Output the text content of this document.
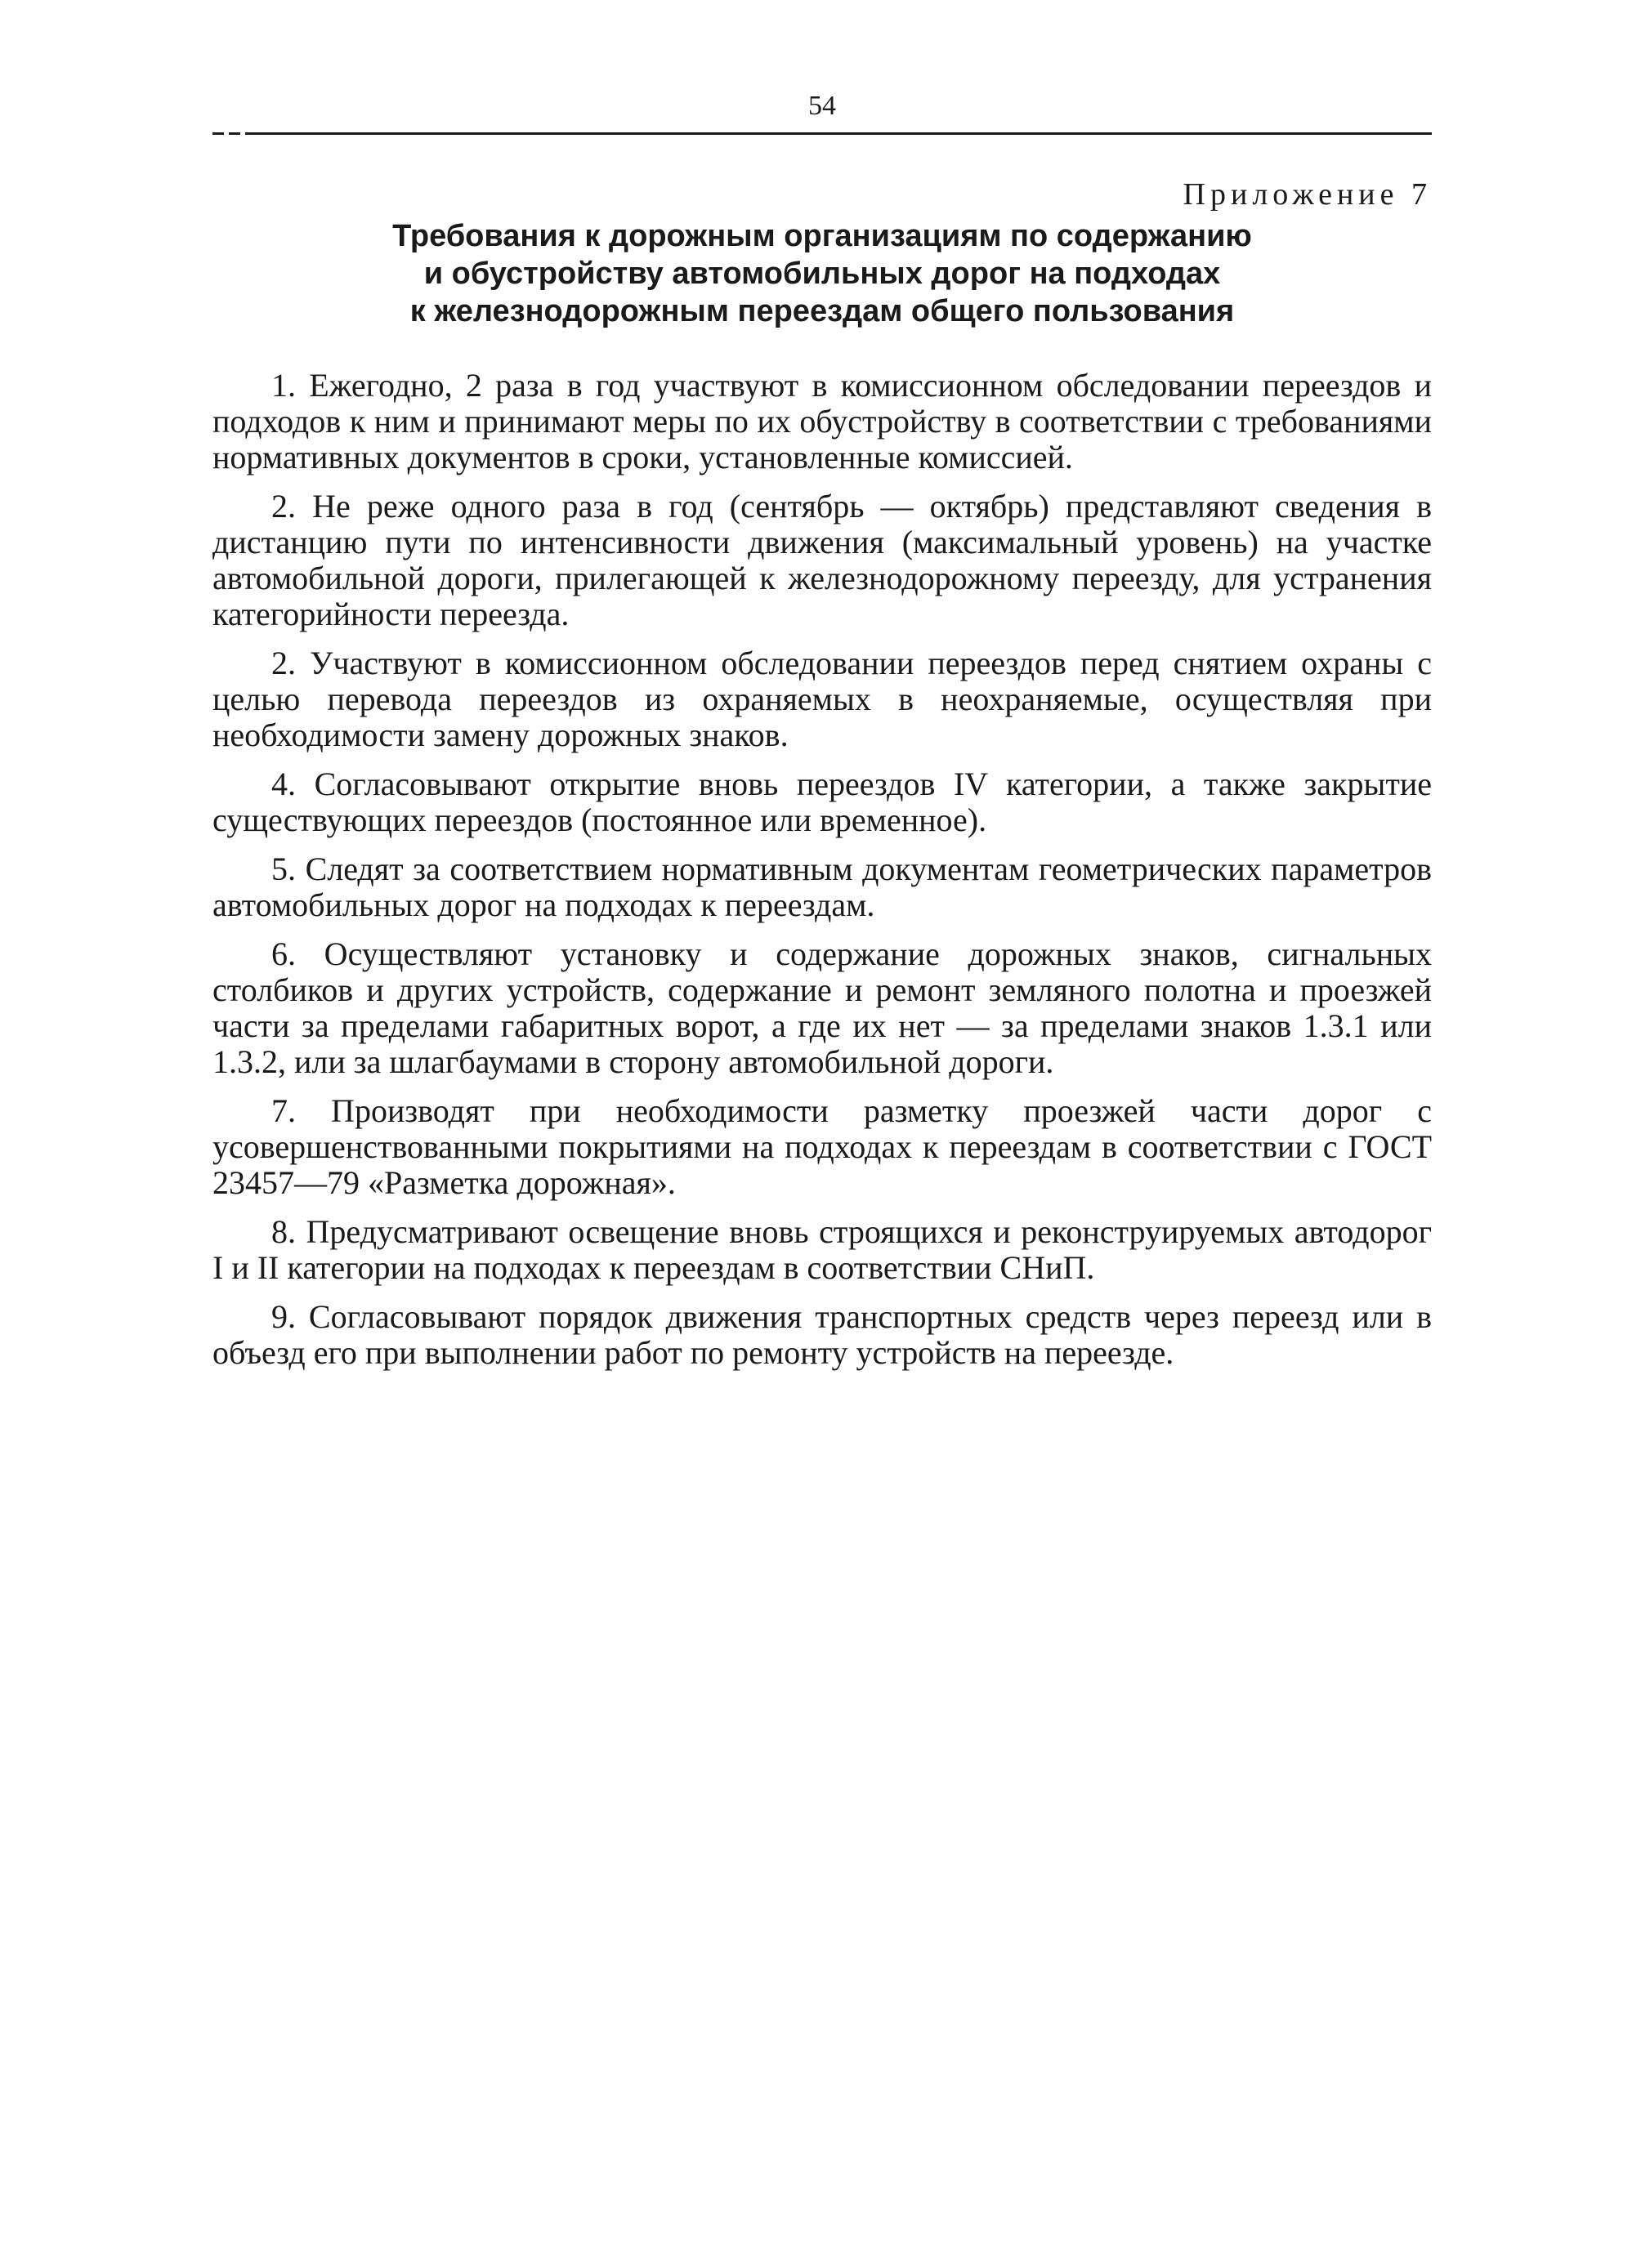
54
Приложение 7
Требования к дорожным организациям по содержанию
и обустройству автомобильных дорог на подходах
к железнодорожным переездам общего пользования

1. Ежегодно, 2 раза в год участвуют в комиссионном обследовании переездов и подходов к ним и принимают меры по их обустройству в соответствии с требованиями нормативных документов в сроки, установленные комиссией.

2. Не реже одного раза в год (сентябрь — октябрь) представляют сведения в дистанцию пути по интенсивности движения (максимальный уровень) на участке автомобильной дороги, прилегающей к железнодорожному переезду, для устранения категорийности переезда.

2. Участвуют в комиссионном обследовании переездов перед снятием охраны с целью перевода переездов из охраняемых в неохраняемые, осуществляя при необходимости замену дорожных знаков.

4. Согласовывают открытие вновь переездов IV категории, а также закрытие существующих переездов (постоянное или временное).

5. Следят за соответствием нормативным документам геометрических параметров автомобильных дорог на подходах к переездам.

6. Осуществляют установку и содержание дорожных знаков, сигнальных столбиков и других устройств, содержание и ремонт земляного полотна и проезжей части за пределами габаритных ворот, а где их нет — за пределами знаков 1.3.1 или 1.3.2, или за шлагбаумами в сторону автомобильной дороги.

7. Производят при необходимости разметку проезжей части дорог с усовершенствованными покрытиями на подходах к переездам в соответствии с ГОСТ 23457—79 «Разметка дорожная».

8. Предусматривают освещение вновь строящихся и реконструируемых автодорог I и II категории на подходах к переездам в соответствии СНиП.

9. Согласовывают порядок движения транспортных средств через переезд или в объезд его при выполнении работ по ремонту устройств на переезде.
